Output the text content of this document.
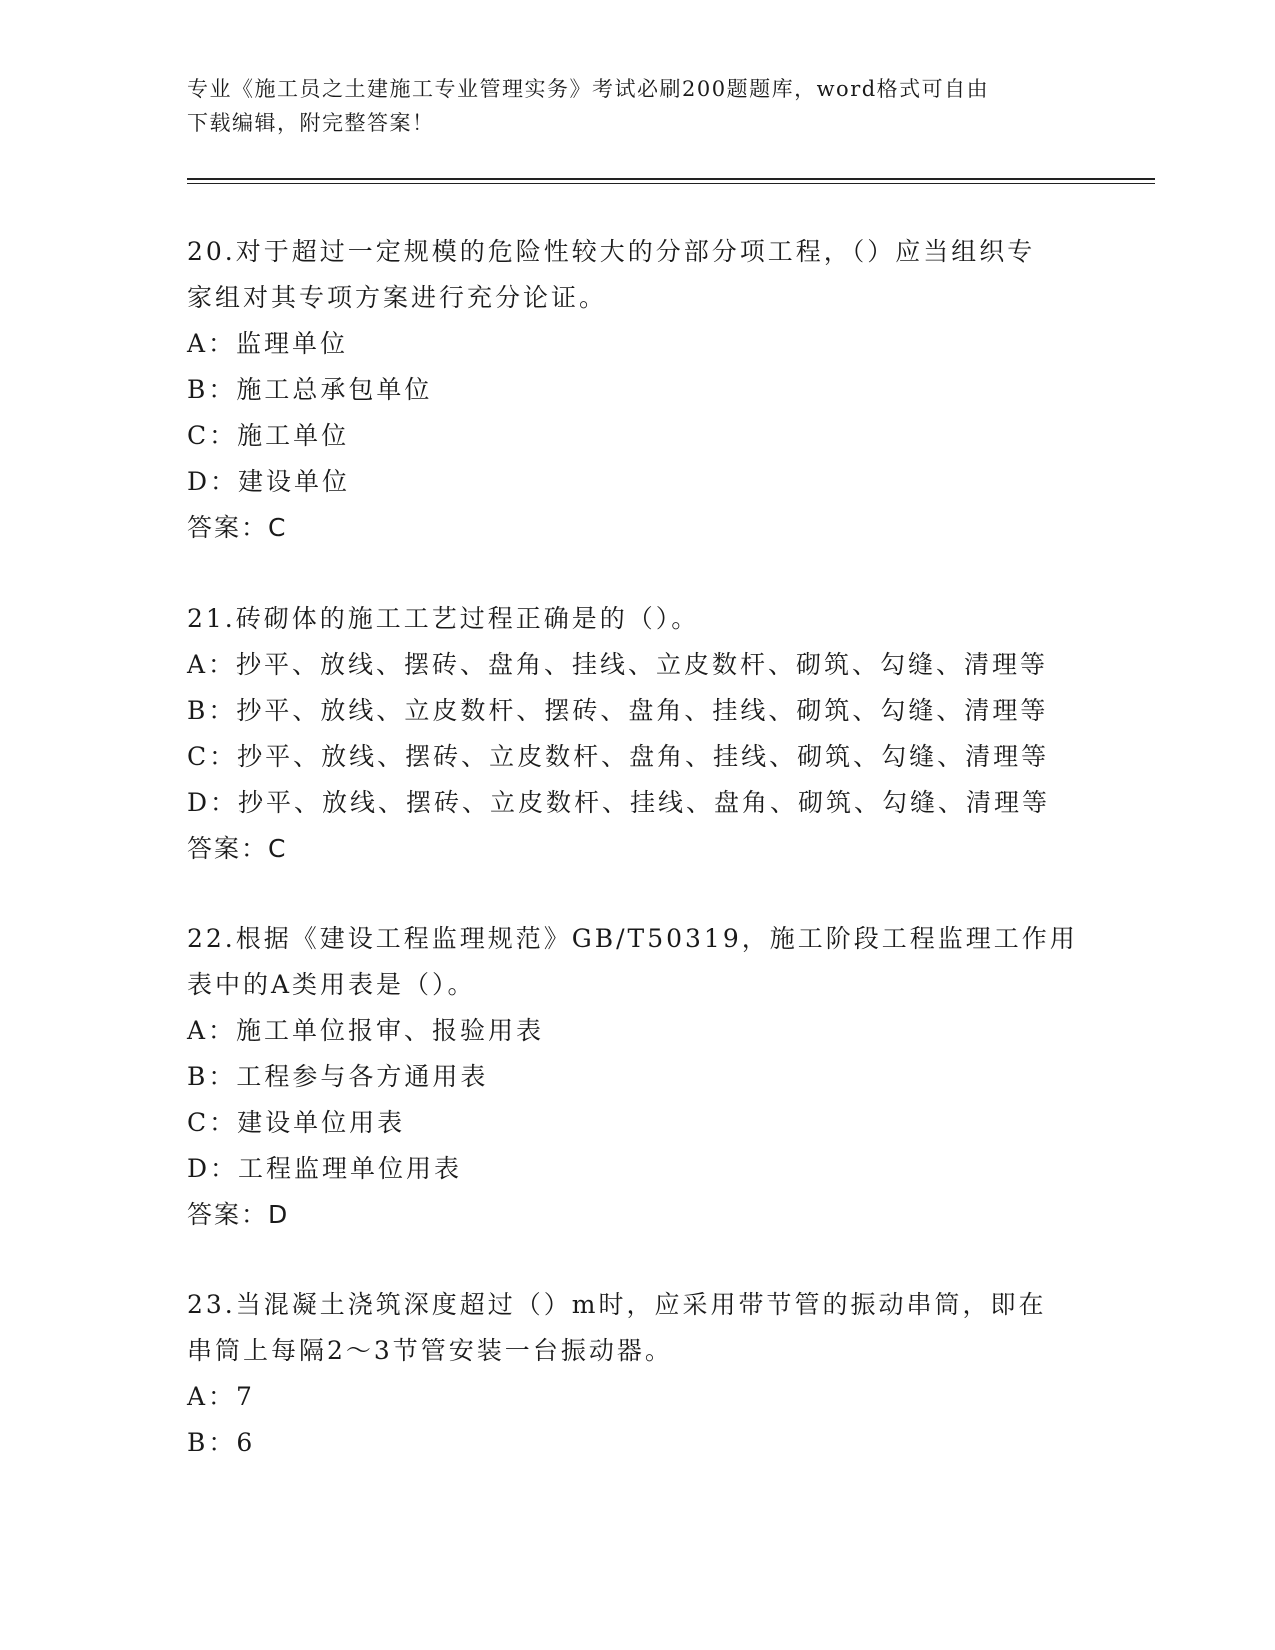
专业《施工员之土建施工专业管理实务》考试必刷200题题库，word格式可自由
下载编辑，附完整答案！

20.对于超过一定规模的危险性较大的分部分项工程，（）应当组织专

家组对其专项方案进行充分论证。

A：监理单位

B：施工总承包单位

C：施工单位

D：建设单位

答案：C

21.砖砌体的施工工艺过程正确是的（）。

A：抄平、放线、摆砖、盘角、挂线、立皮数杆、砌筑、勾缝、清理等

B：抄平、放线、立皮数杆、摆砖、盘角、挂线、砌筑、勾缝、清理等

C：抄平、放线、摆砖、立皮数杆、盘角、挂线、砌筑、勾缝、清理等

D：抄平、放线、摆砖、立皮数杆、挂线、盘角、砌筑、勾缝、清理等

答案：C

22.根据《建设工程监理规范》GB/T50319，施工阶段工程监理工作用

表中的A类用表是（）。

A：施工单位报审、报验用表

B：工程参与各方通用表

C：建设单位用表

D：工程监理单位用表

答案：D

23.当混凝土浇筑深度超过（）m时，应采用带节管的振动串筒，即在

串筒上每隔2～3节管安装一台振动器。

A：7

B：6
